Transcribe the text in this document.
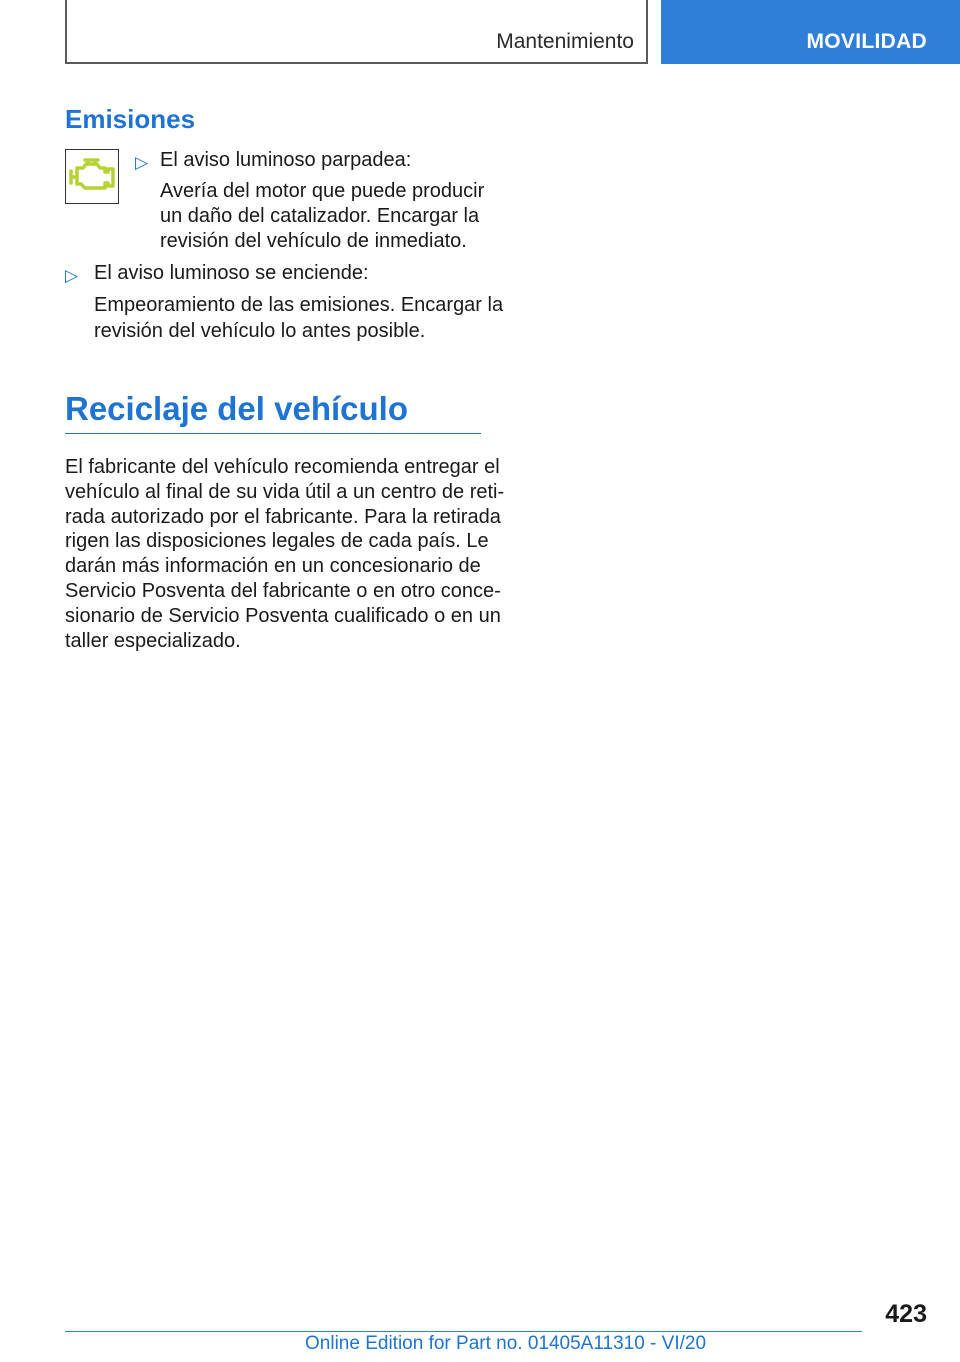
Mantenimiento	MOVILIDAD
Emisiones
▷ El aviso luminoso parpadea:
Avería del motor que puede producir
un daño del catalizador. Encargar la
revisión del vehículo de inmediato.
▷ El aviso luminoso se enciende:
Empeoramiento de las emisiones. Encargar la
revisión del vehículo lo antes posible.
Reciclaje del vehículo
El fabricante del vehículo recomienda entregar el
vehículo al final de su vida útil a un centro de reti-
rada autorizado por el fabricante. Para la retirada
rigen las disposiciones legales de cada país. Le
darán más información en un concesionario de
Servicio Posventa del fabricante o en otro conce-
sionario de Servicio Posventa cualificado o en un
taller especializado.
423
Online Edition for Part no. 01405A11310 - VI/20
